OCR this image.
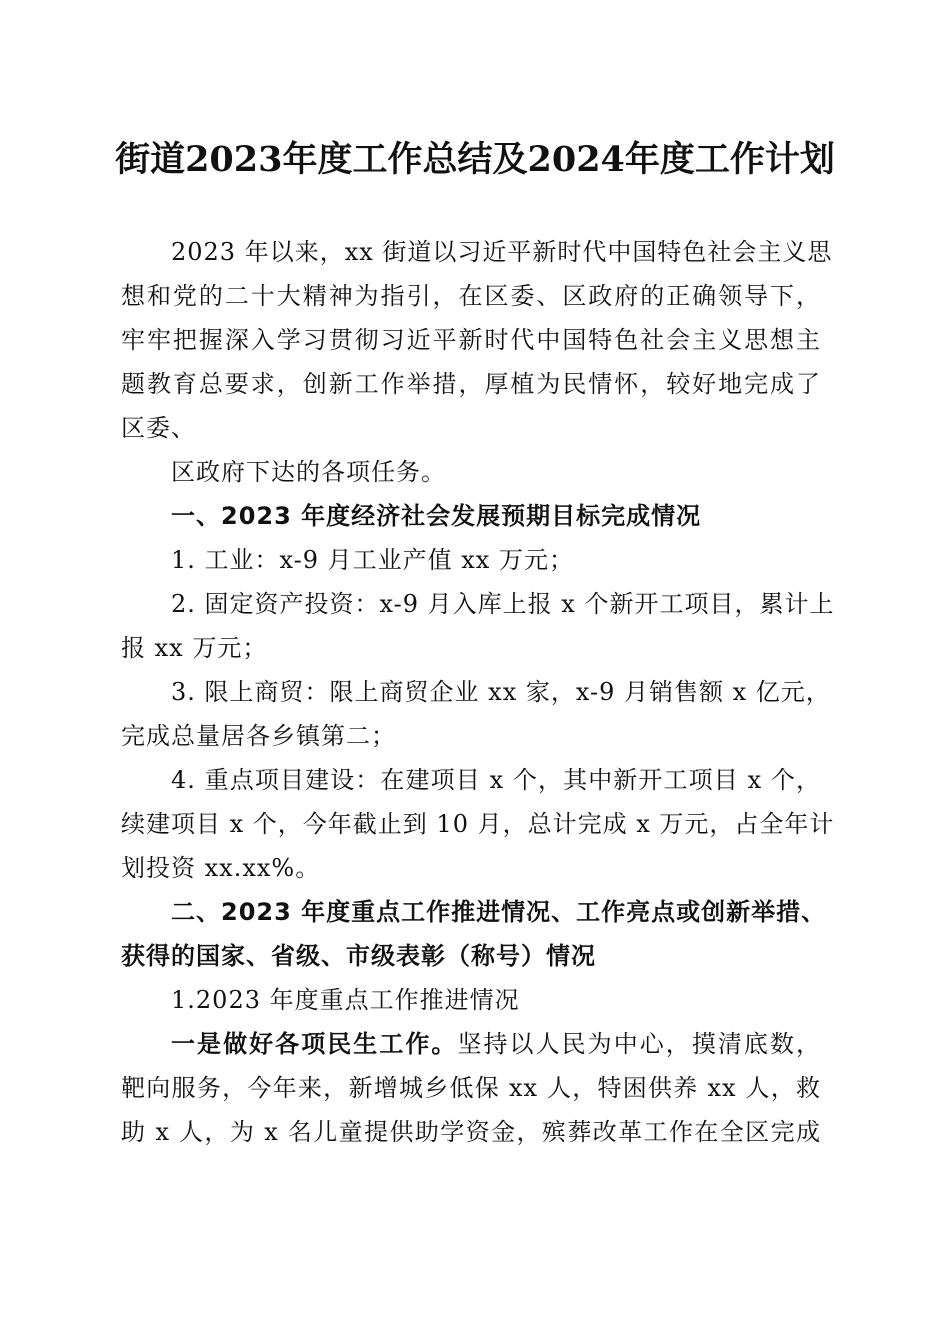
街道2023年度工作总结及2024年度工作计划
2023 年以来，xx 街道以习近平新时代中国特色社会主义思
想和党的二十大精神为指引，在区委、区政府的正确领导下，
牢牢把握深入学习贯彻习近平新时代中国特色社会主义思想主
题教育总要求，创新工作举措，厚植为民情怀，较好地完成了
区委、
区政府下达的各项任务。
一、2023 年度经济社会发展预期目标完成情况
1. 工业：x-9 月工业产值 xx 万元；
2. 固定资产投资：x-9 月入库上报 x 个新开工项目，累计上
报 xx 万元；
3. 限上商贸：限上商贸企业 xx 家，x-9 月销售额 x 亿元，
完成总量居各乡镇第二；
4. 重点项目建设：在建项目 x 个，其中新开工项目 x 个，
续建项目 x 个，今年截止到 10 月，总计完成 x 万元，占全年计
划投资 xx.xx%。
二、2023 年度重点工作推进情况、工作亮点或创新举措、
获得的国家、省级、市级表彰（称号）情况
1.2023 年度重点工作推进情况
一是做好各项民生工作。坚持以人民为中心，摸清底数，
靶向服务，今年来，新增城乡低保 xx 人，特困供养 xx 人，救
助 x 人，为 x 名儿童提供助学资金，殡葬改革工作在全区完成
